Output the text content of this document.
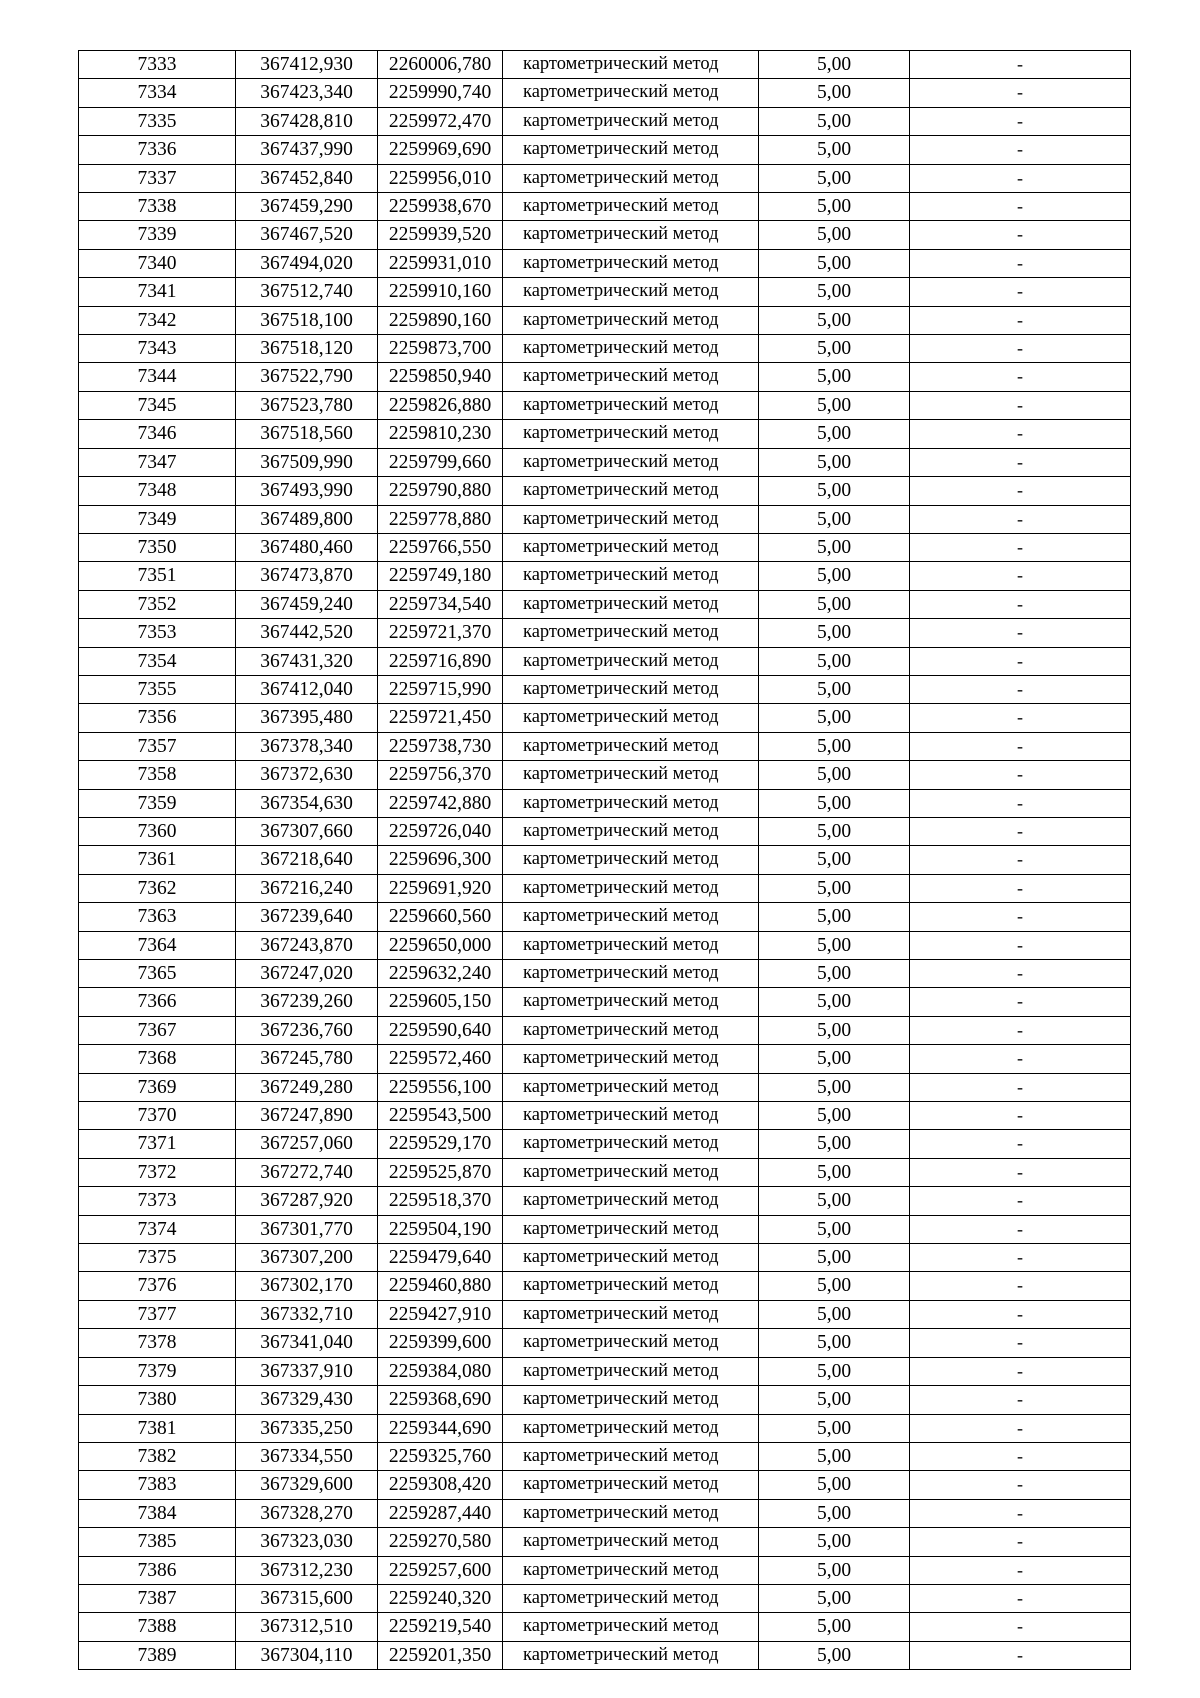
7333	367412,930	2260006,780	картометрический метод	5,00	-
7334	367423,340	2259990,740	картометрический метод	5,00	-
7335	367428,810	2259972,470	картометрический метод	5,00	-
7336	367437,990	2259969,690	картометрический метод	5,00	-
7337	367452,840	2259956,010	картометрический метод	5,00	-
7338	367459,290	2259938,670	картометрический метод	5,00	-
7339	367467,520	2259939,520	картометрический метод	5,00	-
7340	367494,020	2259931,010	картометрический метод	5,00	-
7341	367512,740	2259910,160	картометрический метод	5,00	-
7342	367518,100	2259890,160	картометрический метод	5,00	-
7343	367518,120	2259873,700	картометрический метод	5,00	-
7344	367522,790	2259850,940	картометрический метод	5,00	-
7345	367523,780	2259826,880	картометрический метод	5,00	-
7346	367518,560	2259810,230	картометрический метод	5,00	-
7347	367509,990	2259799,660	картометрический метод	5,00	-
7348	367493,990	2259790,880	картометрический метод	5,00	-
7349	367489,800	2259778,880	картометрический метод	5,00	-
7350	367480,460	2259766,550	картометрический метод	5,00	-
7351	367473,870	2259749,180	картометрический метод	5,00	-
7352	367459,240	2259734,540	картометрический метод	5,00	-
7353	367442,520	2259721,370	картометрический метод	5,00	-
7354	367431,320	2259716,890	картометрический метод	5,00	-
7355	367412,040	2259715,990	картометрический метод	5,00	-
7356	367395,480	2259721,450	картометрический метод	5,00	-
7357	367378,340	2259738,730	картометрический метод	5,00	-
7358	367372,630	2259756,370	картометрический метод	5,00	-
7359	367354,630	2259742,880	картометрический метод	5,00	-
7360	367307,660	2259726,040	картометрический метод	5,00	-
7361	367218,640	2259696,300	картометрический метод	5,00	-
7362	367216,240	2259691,920	картометрический метод	5,00	-
7363	367239,640	2259660,560	картометрический метод	5,00	-
7364	367243,870	2259650,000	картометрический метод	5,00	-
7365	367247,020	2259632,240	картометрический метод	5,00	-
7366	367239,260	2259605,150	картометрический метод	5,00	-
7367	367236,760	2259590,640	картометрический метод	5,00	-
7368	367245,780	2259572,460	картометрический метод	5,00	-
7369	367249,280	2259556,100	картометрический метод	5,00	-
7370	367247,890	2259543,500	картометрический метод	5,00	-
7371	367257,060	2259529,170	картометрический метод	5,00	-
7372	367272,740	2259525,870	картометрический метод	5,00	-
7373	367287,920	2259518,370	картометрический метод	5,00	-
7374	367301,770	2259504,190	картометрический метод	5,00	-
7375	367307,200	2259479,640	картометрический метод	5,00	-
7376	367302,170	2259460,880	картометрический метод	5,00	-
7377	367332,710	2259427,910	картометрический метод	5,00	-
7378	367341,040	2259399,600	картометрический метод	5,00	-
7379	367337,910	2259384,080	картометрический метод	5,00	-
7380	367329,430	2259368,690	картометрический метод	5,00	-
7381	367335,250	2259344,690	картометрический метод	5,00	-
7382	367334,550	2259325,760	картометрический метод	5,00	-
7383	367329,600	2259308,420	картометрический метод	5,00	-
7384	367328,270	2259287,440	картометрический метод	5,00	-
7385	367323,030	2259270,580	картометрический метод	5,00	-
7386	367312,230	2259257,600	картометрический метод	5,00	-
7387	367315,600	2259240,320	картометрический метод	5,00	-
7388	367312,510	2259219,540	картометрический метод	5,00	-
7389	367304,110	2259201,350	картометрический метод	5,00	-
